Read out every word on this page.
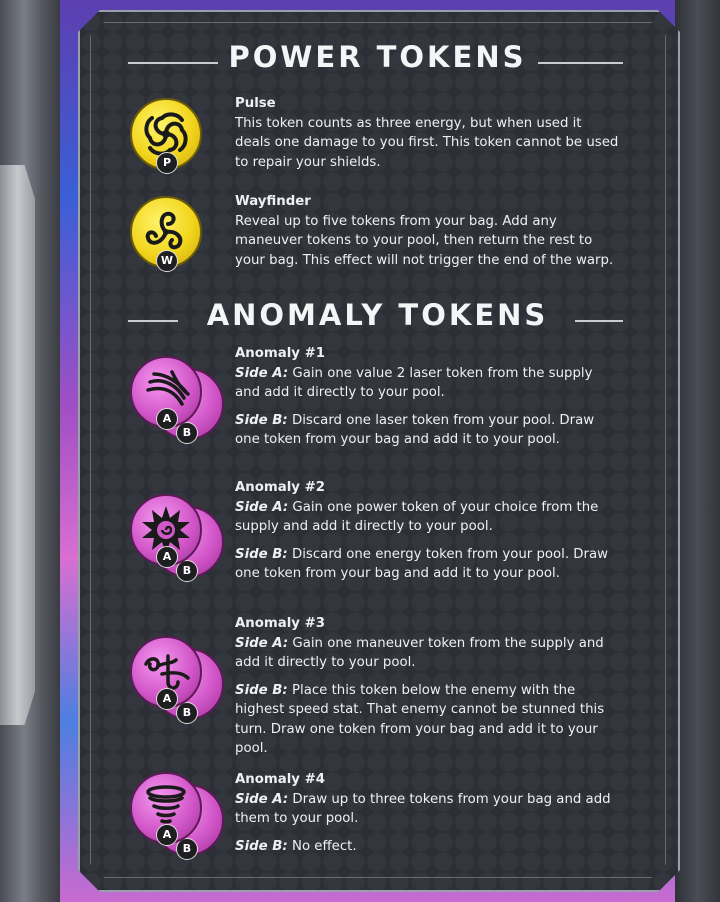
POWER TOKENS
P

Pulse

This token counts as three energy, but when used it deals one damage to you first. This token cannot be used to repair your shields.

W

Wayfinder

Reveal up to five tokens from your bag. Add any maneuver tokens to your pool, then return the rest to your bag. This effect will not trigger the end of the warp.

ANOMALY TOKENS
B
A

Anomaly #1

Side A: Gain one value 2 laser token from the supply and add it directly to your pool.

Side B: Discard one laser token from your pool. Draw one token from your bag and add it to your pool.

B
A

Anomaly #2

Side A: Gain one power token of your choice from the supply and add it directly to your pool.

Side B: Discard one energy token from your pool. Draw one token from your bag and add it to your pool.

B
A

Anomaly #3

Side A: Gain one maneuver token from the supply and add it directly to your pool.

Side B: Place this token below the enemy with the highest speed stat. That enemy cannot be stunned this turn. Draw one token from your bag and add it to your pool.

B
A

Anomaly #4

Side A: Draw up to three tokens from your bag and add them to your pool.

Side B: No effect.
